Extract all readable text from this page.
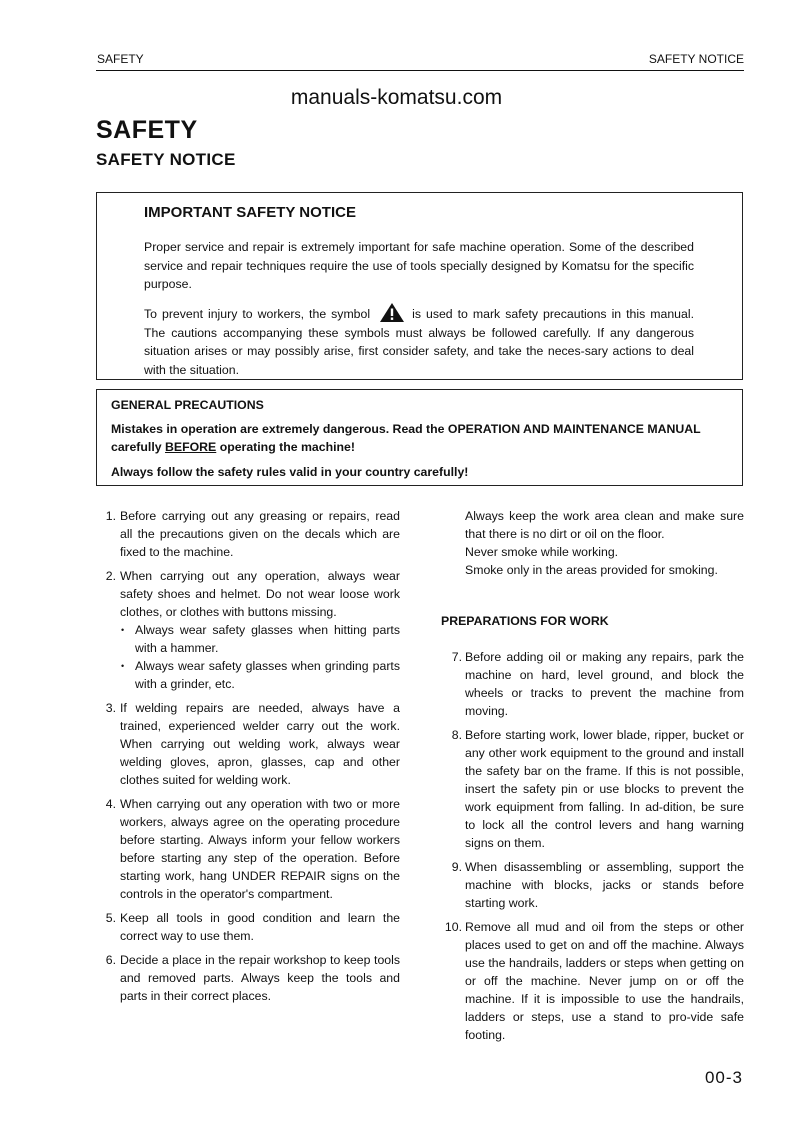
SAFETY	SAFETY NOTICE
manuals-komatsu.com
SAFETY
SAFETY NOTICE
IMPORTANT SAFETY NOTICE

Proper service and repair is extremely important for safe machine operation. Some of the described service and repair techniques require the use of tools specially designed by Komatsu for the specific purpose.

To prevent injury to workers, the symbol	is used to mark safety precautions in this manual. The cautions accompanying these symbols must always be followed carefully. If any dangerous situation arises or may possibly arise, first consider safety, and take the neces-sary actions to deal with the situation.

GENERAL PRECAUTIONS

Mistakes in operation are extremely dangerous. Read the OPERATION AND MAINTENANCE MANUAL carefully BEFORE operating the machine!

Always follow the safety rules valid in your country carefully!

1. Before carrying out any greasing or repairs, read all the precautions given on the decals which are fixed to the machine.
2. When carrying out any operation, always wear safety shoes and helmet. Do not wear loose work clothes, or clothes with buttons missing.
• Always wear safety glasses when hitting parts with a hammer.
• Always wear safety glasses when grinding parts with a grinder, etc.
3. If welding repairs are needed, always have a trained, experienced welder carry out the work. When carrying out welding work, always wear welding gloves, apron, glasses, cap and other clothes suited for welding work.
4. When carrying out any operation with two or more workers, always agree on the operating procedure before starting. Always inform your fellow workers before starting any step of the operation. Before starting work, hang UNDER REPAIR signs on the controls in the operator's compartment.
5. Keep all tools in good condition and learn the correct way to use them.
6. Decide a place in the repair workshop to keep tools and removed parts. Always keep the tools and parts in their correct places.

Always keep the work area clean and make sure that there is no dirt or oil on the floor.

Never smoke while working.

Smoke only in the areas provided for smoking.

PREPARATIONS FOR WORK
7. Before adding oil or making any repairs, park the machine on hard, level ground, and block the wheels or tracks to prevent the machine from moving.
8. Before starting work, lower blade, ripper, bucket or any other work equipment to the ground and install the safety bar on the frame. If this is not possible, insert the safety pin or use blocks to prevent the work equipment from falling. In ad-dition, be sure to lock all the control levers and hang warning signs on them.
9. When disassembling or assembling, support the machine with blocks, jacks or stands before starting work.
10. Remove all mud and oil from the steps or other places used to get on and off the machine. Always use the handrails, ladders or steps when getting on or off the machine. Never jump on or off the machine. If it is impossible to use the handrails, ladders or steps, use a stand to pro-vide safe footing.
00-3
